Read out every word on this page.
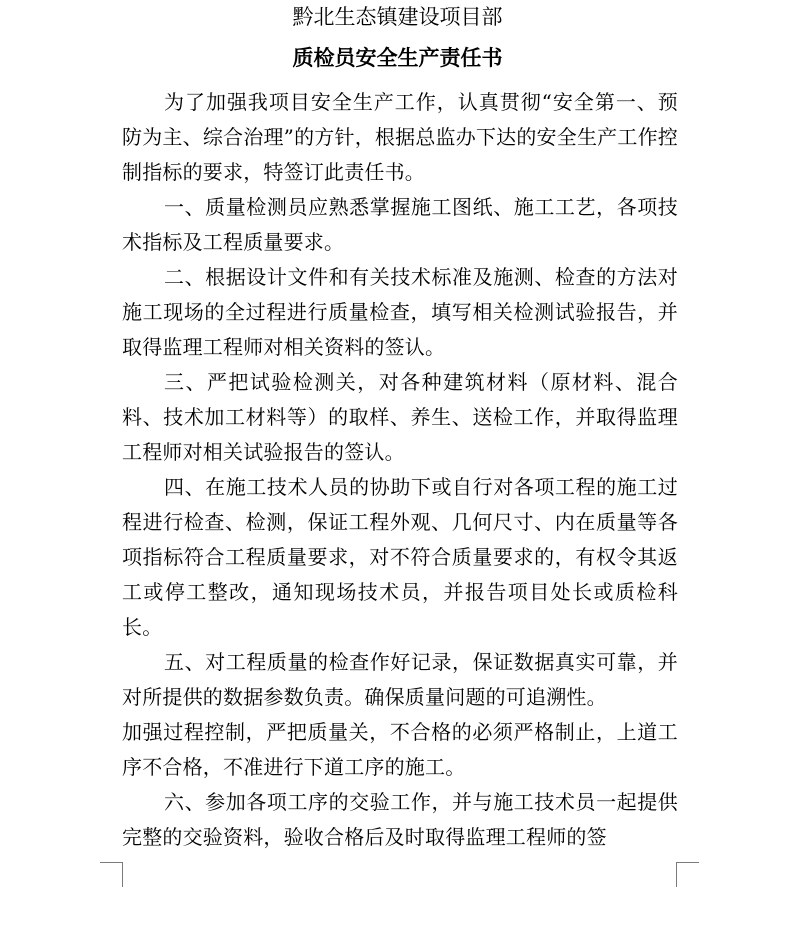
黔北生态镇建设项目部
质检员安全生产责任书

为了加强我项目安全生产工作，认真贯彻“安全第一、预防为主、综合治理”的方针，根据总监办下达的安全生产工作控制指标的要求，特签订此责任书。

一、质量检测员应熟悉掌握施工图纸、施工工艺，各项技术指标及工程质量要求。

二、根据设计文件和有关技术标准及施测、检查的方法对施工现场的全过程进行质量检查，填写相关检测试验报告，并取得监理工程师对相关资料的签认。

三、严把试验检测关，对各种建筑材料（原材料、混合料、技术加工材料等）的取样、养生、送检工作，并取得监理工程师对相关试验报告的签认。

四、在施工技术人员的协助下或自行对各项工程的施工过程进行检查、检测，保证工程外观、几何尺寸、内在质量等各项指标符合工程质量要求，对不符合质量要求的，有权令其返工或停工整改，通知现场技术员，并报告项目处长或质检科长。

五、对工程质量的检查作好记录，保证数据真实可靠，并对所提供的数据参数负责。确保质量问题的可追溯性。

加强过程控制，严把质量关，不合格的必须严格制止，上道工序不合格，不准进行下道工序的施工。

六、参加各项工序的交验工作，并与施工技术员一起提供完整的交验资料，验收合格后及时取得监理工程师的签
